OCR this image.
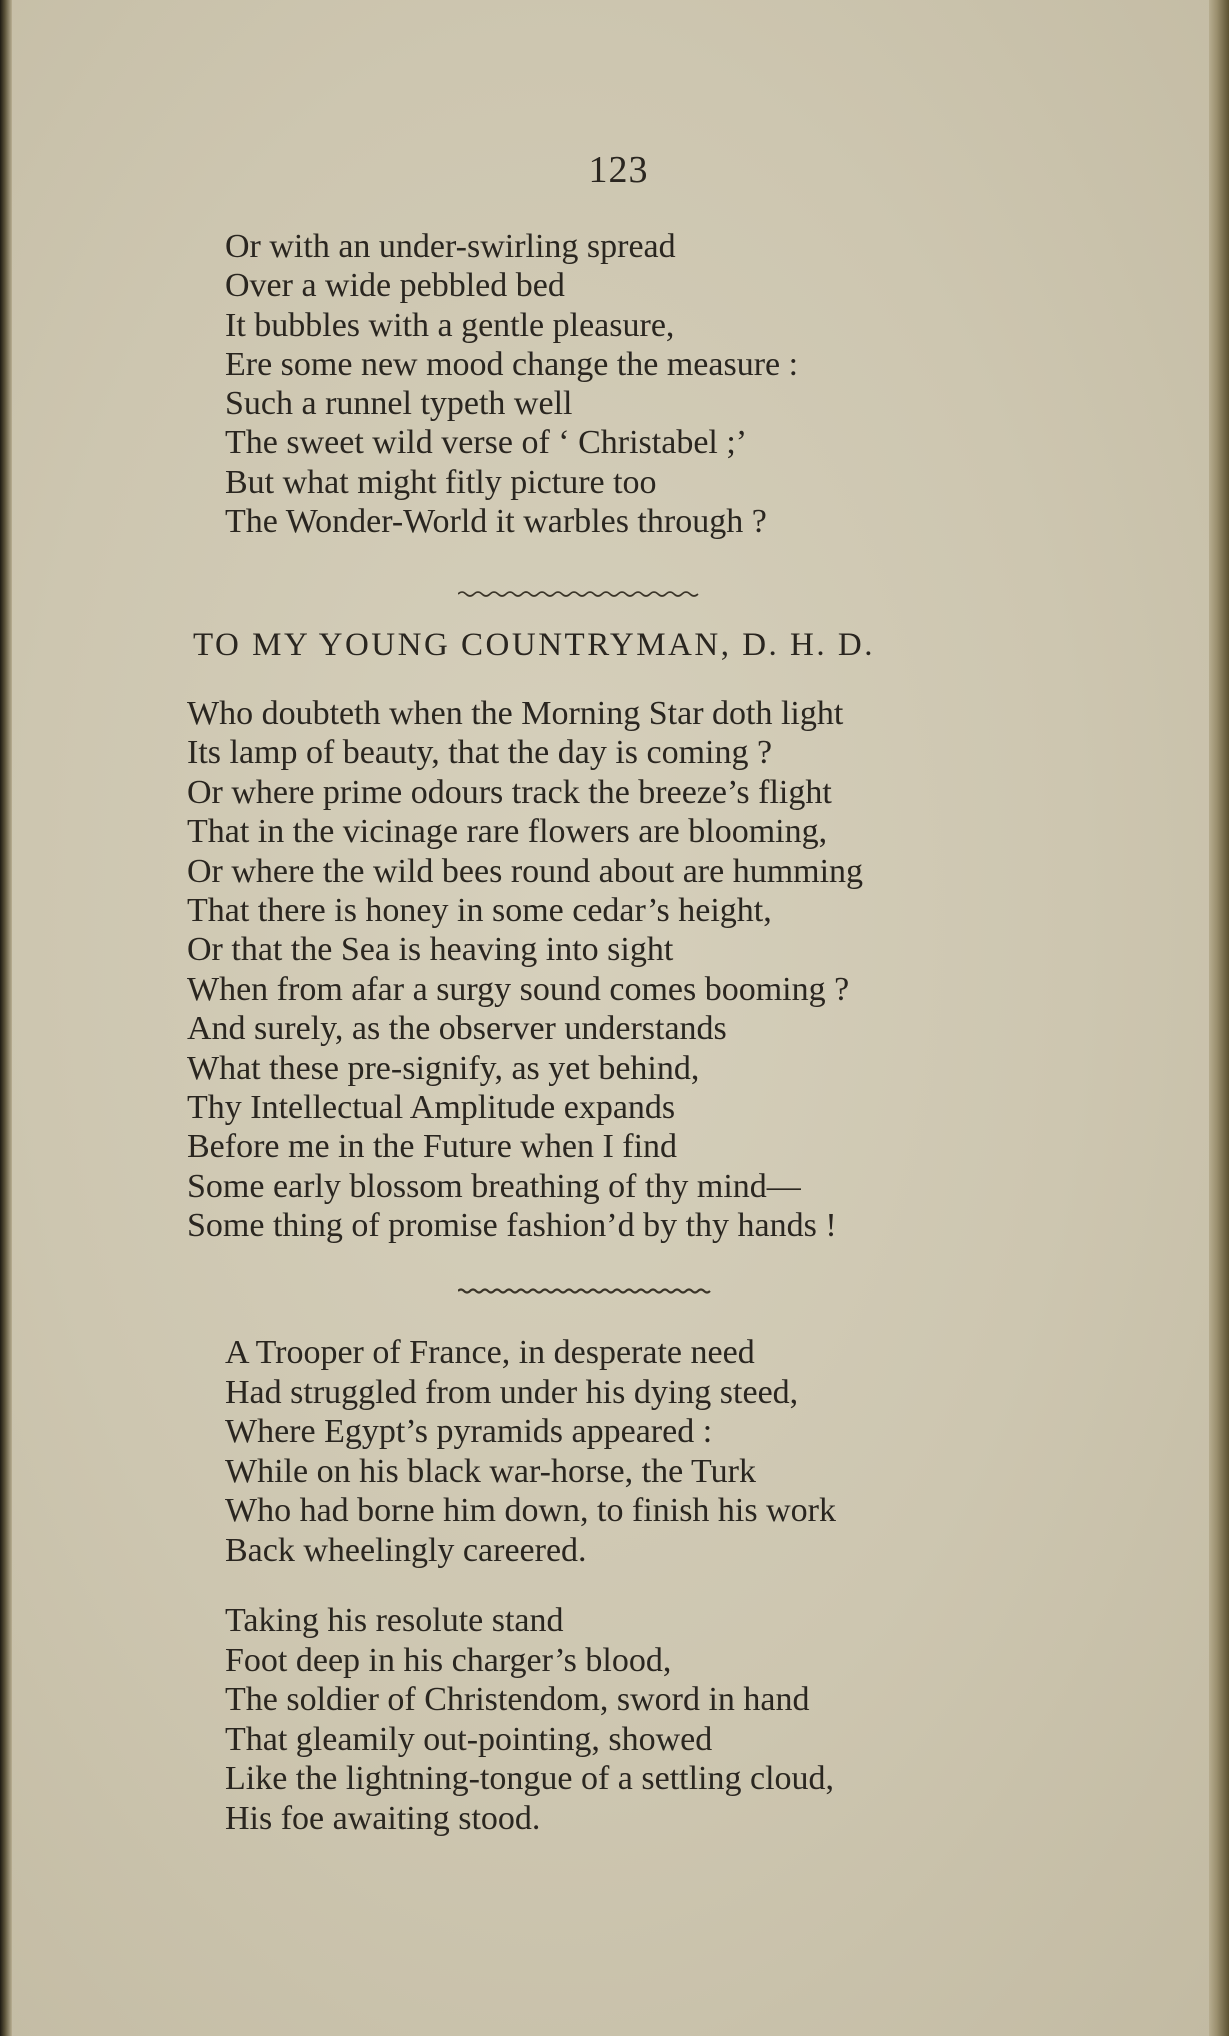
123
Or with an under-swirling spread
Over a wide pebbled bed
It bubbles with a gentle pleasure,
Ere some new mood change the measure :
Such a runnel typeth well
The sweet wild verse of ‘ Christabel ;’
But what might fitly picture too
The Wonder-World it warbles through ?
TO MY YOUNG COUNTRYMAN, D. H. D.
Who doubteth when the Morning Star doth light
Its lamp of beauty, that the day is coming ?
Or where prime odours track the breeze’s flight
That in the vicinage rare flowers are blooming,
Or where the wild bees round about are humming
That there is honey in some cedar’s height,
Or that the Sea is heaving into sight
When from afar a surgy sound comes booming ?
And surely, as the observer understands
What these pre-signify, as yet behind,
Thy Intellectual Amplitude expands
Before me in the Future when I find
Some early blossom breathing of thy mind—
Some thing of promise fashion’d by thy hands !
A Trooper of France, in desperate need
Had struggled from under his dying steed,
Where Egypt’s pyramids appeared :
While on his black war-horse, the Turk
Who had borne him down, to finish his work
Back wheelingly careered.
Taking his resolute stand
Foot deep in his charger’s blood,
The soldier of Christendom, sword in hand
That gleamily out-pointing, showed
Like the lightning-tongue of a settling cloud,
His foe awaiting stood.
